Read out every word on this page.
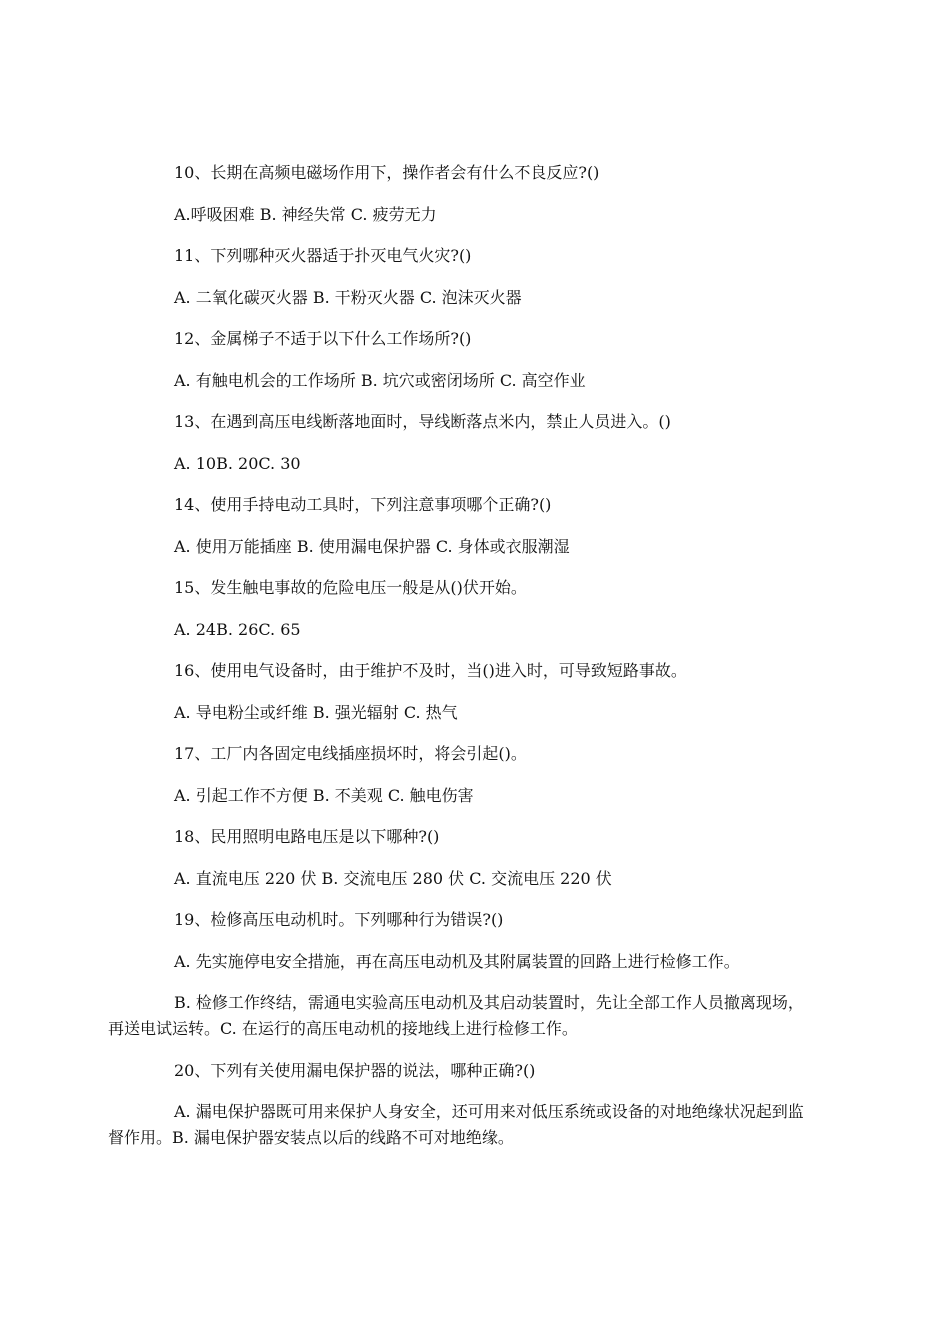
10、长期在高频电磁场作用下，操作者会有什么不良反应?()

A.呼吸困难 B. 神经失常 C. 疲劳无力

11、下列哪种灭火器适于扑灭电气火灾?()

A. 二氧化碳灭火器 B. 干粉灭火器 C. 泡沫灭火器

12、金属梯子不适于以下什么工作场所?()

A. 有触电机会的工作场所 B. 坑穴或密闭场所 C. 高空作业

13、在遇到高压电线断落地面时，导线断落点米内，禁止人员进入。()

A. 10B. 20C. 30

14、使用手持电动工具时，下列注意事项哪个正确?()

A. 使用万能插座 B. 使用漏电保护器 C. 身体或衣服潮湿

15、发生触电事故的危险电压一般是从()伏开始。

A. 24B. 26C. 65

16、使用电气设备时，由于维护不及时，当()进入时，可导致短路事故。

A. 导电粉尘或纤维 B. 强光辐射 C. 热气

17、工厂内各固定电线插座损坏时，将会引起()。

A. 引起工作不方便 B. 不美观 C. 触电伤害

18、民用照明电路电压是以下哪种?()

A. 直流电压 220 伏 B. 交流电压 280 伏 C. 交流电压 220 伏

19、检修高压电动机时。下列哪种行为错误?()

A. 先实施停电安全措施，再在高压电动机及其附属装置的回路上进行检修工作。

B. 检修工作终结，需通电实验高压电动机及其启动装置时，先让全部工作人员撤离现场，再送电试运转。C. 在运行的高压电动机的接地线上进行检修工作。

20、下列有关使用漏电保护器的说法，哪种正确?()

A. 漏电保护器既可用来保护人身安全，还可用来对低压系统或设备的对地绝缘状况起到监督作用。B. 漏电保护器安装点以后的线路不可对地绝缘。
